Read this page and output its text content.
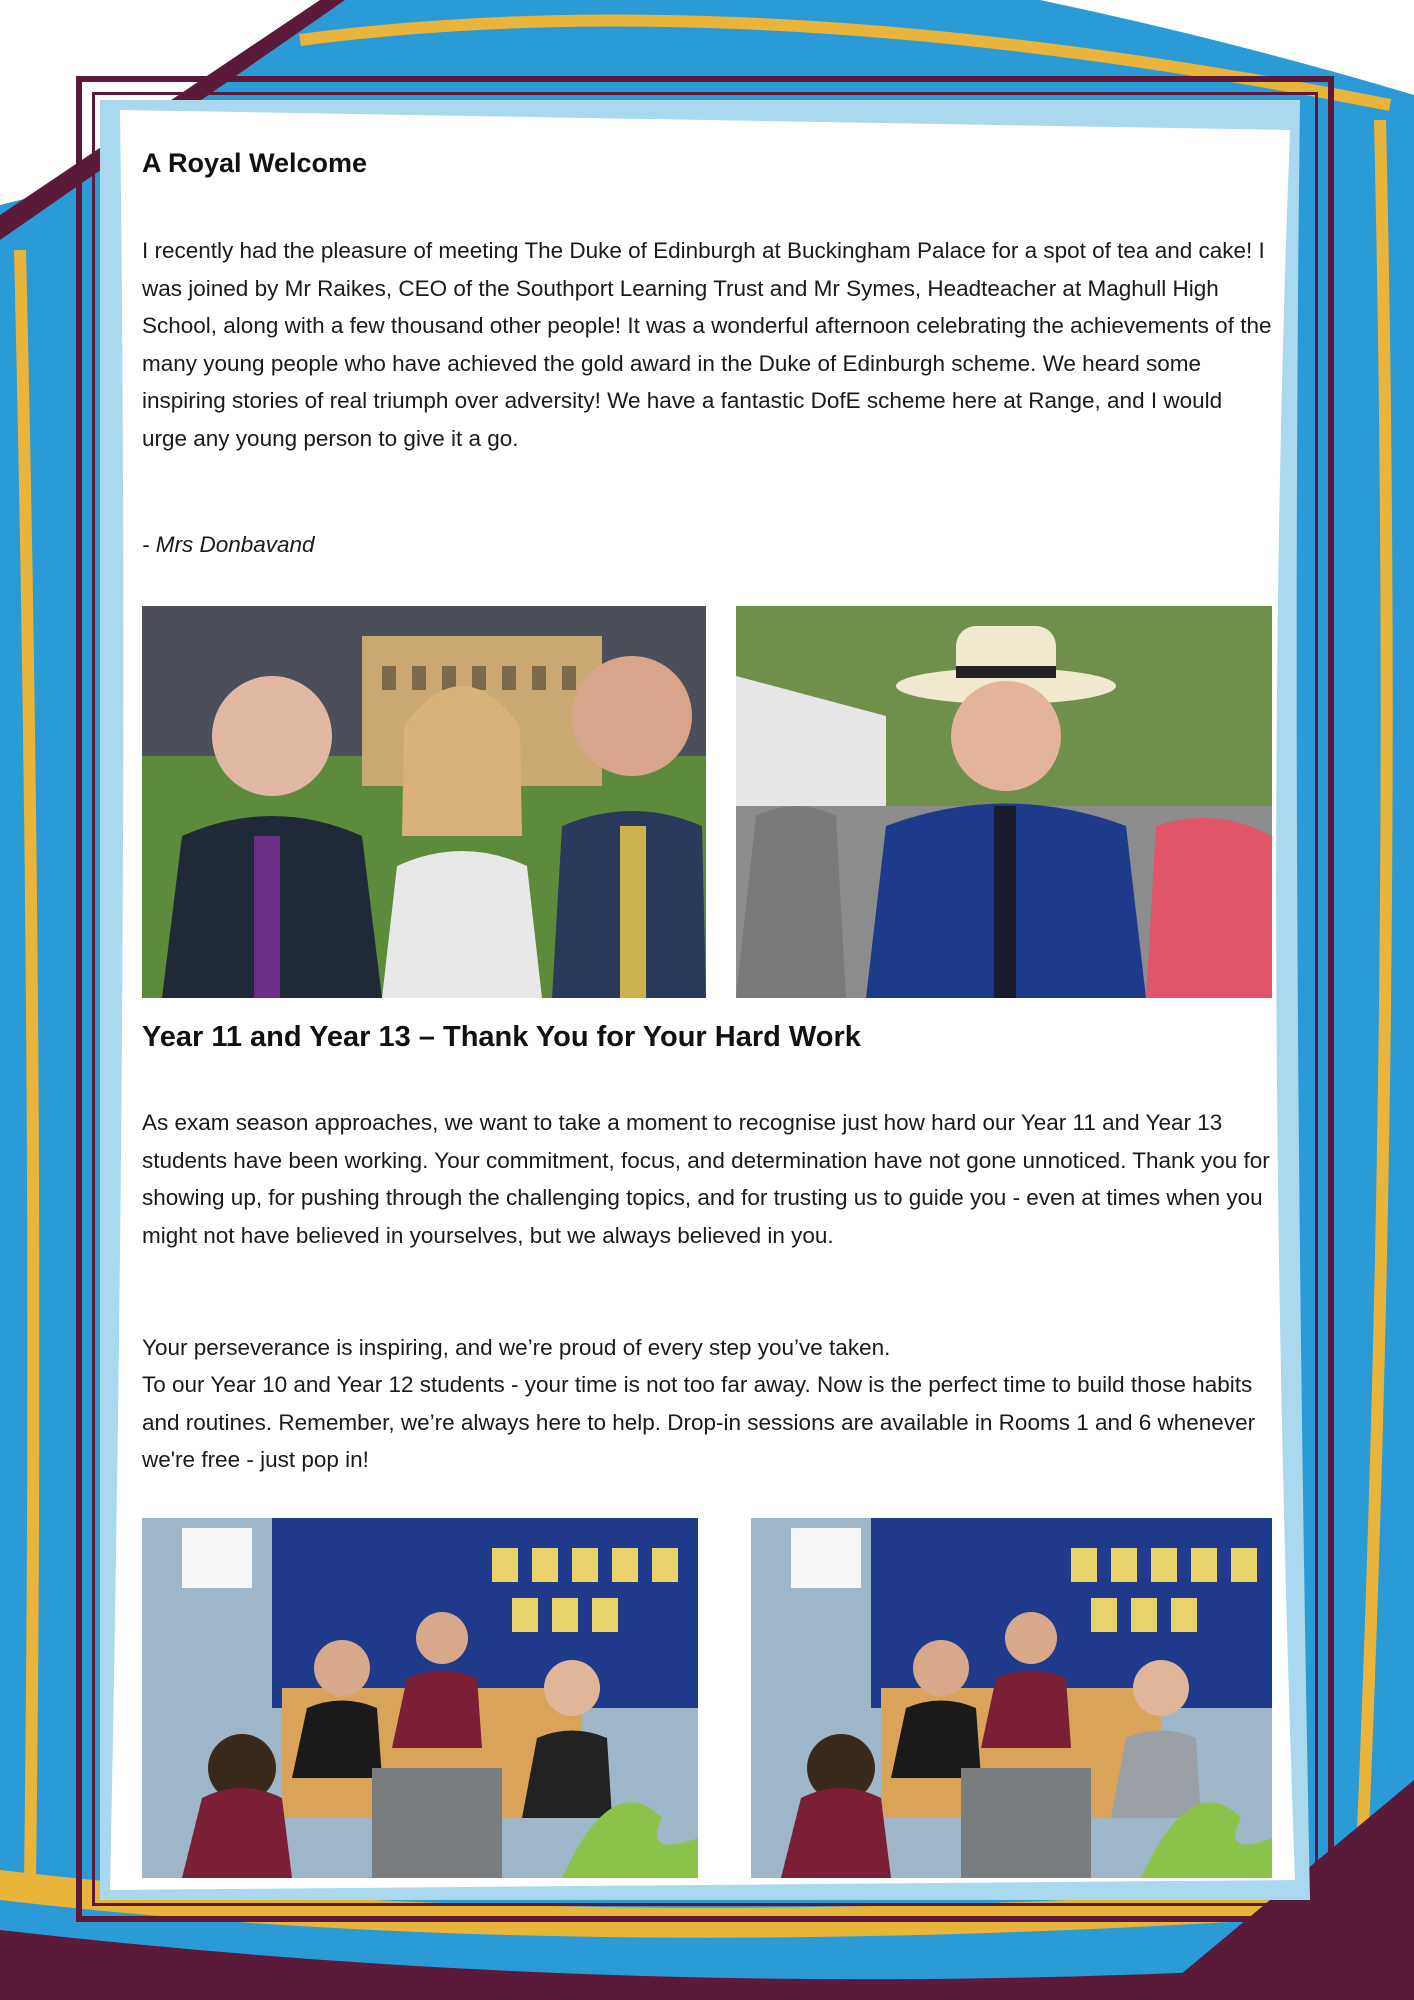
A Royal Welcome

I recently had the pleasure of meeting The Duke of Edinburgh at Buckingham Palace for a spot of tea and cake! I was joined by Mr Raikes, CEO of the Southport Learning Trust and Mr Symes, Headteacher at Maghull High School, along with a few thousand other people! It was a wonderful afternoon celebrating the achievements of the many young people who have achieved the gold award in the Duke of Edinburgh scheme. We heard some inspiring stories of real triumph over adversity! We have a fantastic DofE scheme here at Range, and I would urge any young person to give it a go.

- Mrs Donbavand

Year 11 and Year 13 – Thank You for Your Hard Work

As exam season approaches, we want to take a moment to recognise just how hard our Year 11 and Year 13 students have been working. Your commitment, focus, and determination have not gone unnoticed. Thank you for showing up, for pushing through the challenging topics, and for trusting us to guide you - even at times when you might not have believed in yourselves, but we always believed in you.

Your perseverance is inspiring, and we’re proud of every step you’ve taken.

To our Year 10 and Year 12 students - your time is not too far away. Now is the perfect time to build those habits and routines. Remember, we’re always here to help. Drop-in sessions are available in Rooms 1 and 6 whenever we're free - just pop in!
